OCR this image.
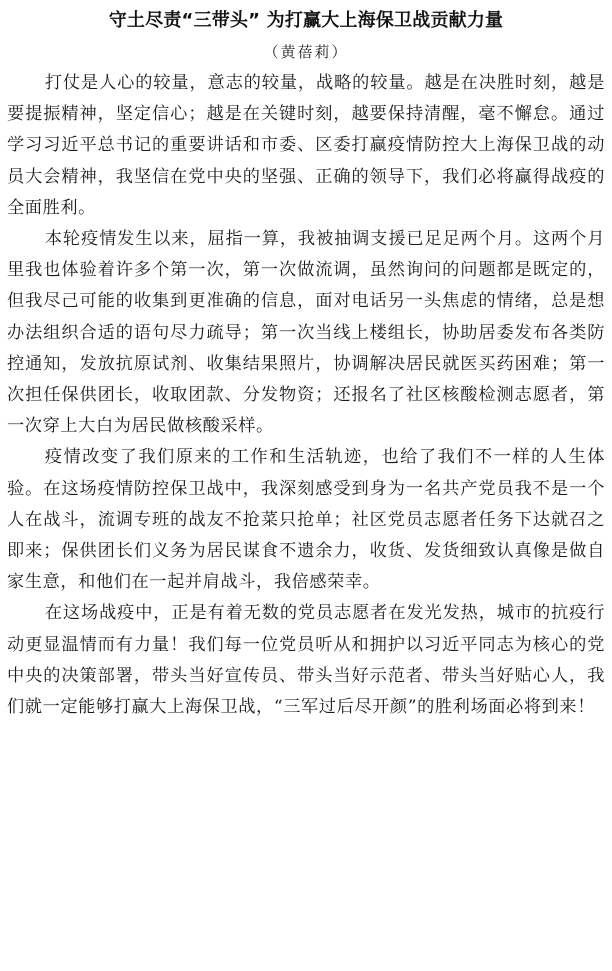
守土尽责“三带头” 为打赢大上海保卫战贡献力量
（黄蓓莉）

打仗是人心的较量，意志的较量，战略的较量。越是在决胜时刻，越是要提振精神，坚定信心；越是在关键时刻，越要保持清醒，毫不懈怠。通过学习习近平总书记的重要讲话和市委、区委打赢疫情防控大上海保卫战的动员大会精神，我坚信在党中央的坚强、正确的领导下，我们必将赢得战疫的全面胜利。

本轮疫情发生以来，屈指一算，我被抽调支援已足足两个月。这两个月里我也体验着许多个第一次，第一次做流调，虽然询问的问题都是既定的，但我尽己可能的收集到更准确的信息，面对电话另一头焦虑的情绪，总是想办法组织合适的语句尽力疏导；第一次当线上楼组长，协助居委发布各类防控通知，发放抗原试剂、收集结果照片，协调解决居民就医买药困难；第一次担任保供团长，收取团款、分发物资；还报名了社区核酸检测志愿者，第一次穿上大白为居民做核酸采样。

疫情改变了我们原来的工作和生活轨迹，也给了我们不一样的人生体验。在这场疫情防控保卫战中，我深刻感受到身为一名共产党员我不是一个人在战斗，流调专班的战友不抢菜只抢单；社区党员志愿者任务下达就召之即来；保供团长们义务为居民谋食不遗余力，收货、发货细致认真像是做自家生意，和他们在一起并肩战斗，我倍感荣幸。

在这场战疫中，正是有着无数的党员志愿者在发光发热，城市的抗疫行动更显温情而有力量！我们每一位党员听从和拥护以习近平同志为核心的党中央的决策部署，带头当好宣传员、带头当好示范者、带头当好贴心人，我们就一定能够打赢大上海保卫战，“三军过后尽开颜”的胜利场面必将到来！
